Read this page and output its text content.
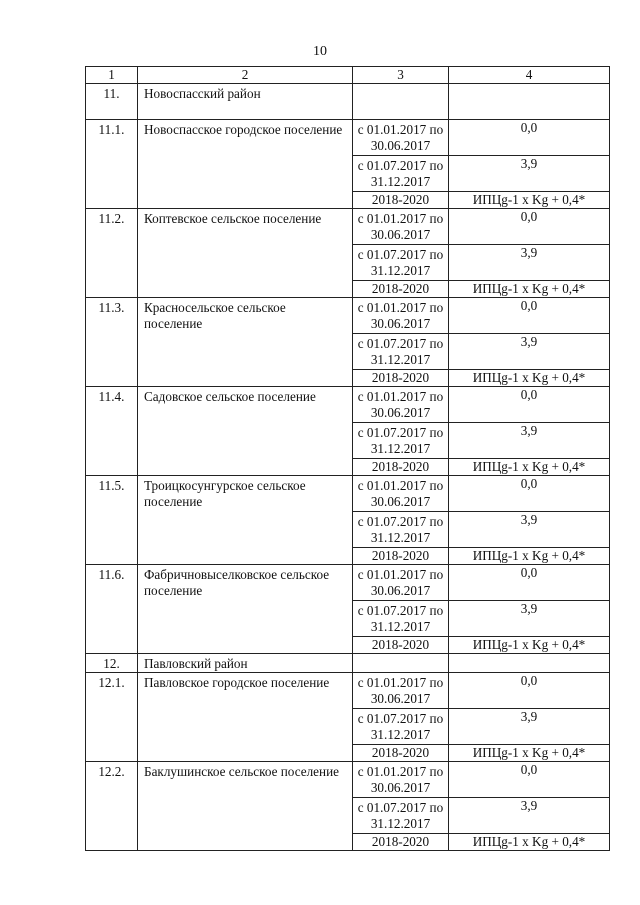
10
1	2	3	4
11.	Новоспасский район		
11.1.	Новоспасское городское поселение	с 01.01.2017 по 30.06.2017	0,0
		с 01.07.2017 по 31.12.2017	3,9
		2018-2020	ИПЦg-1 х Kg + 0,4*
11.2.	Коптевское сельское поселение	с 01.01.2017 по 30.06.2017	0,0
		с 01.07.2017 по 31.12.2017	3,9
		2018-2020	ИПЦg-1 х Kg + 0,4*
11.3.	Красносельское сельское поселение	с 01.01.2017 по 30.06.2017	0,0
		с 01.07.2017 по 31.12.2017	3,9
		2018-2020	ИПЦg-1 х Kg + 0,4*
11.4.	Садовское сельское поселение	с 01.01.2017 по 30.06.2017	0,0
		с 01.07.2017 по 31.12.2017	3,9
		2018-2020	ИПЦg-1 х Kg + 0,4*
11.5.	Троицкосунгурское сельское поселение	с 01.01.2017 по 30.06.2017	0,0
		с 01.07.2017 по 31.12.2017	3,9
		2018-2020	ИПЦg-1 х Kg + 0,4*
11.6.	Фабричновыселковское сельское поселение	с 01.01.2017 по 30.06.2017	0,0
		с 01.07.2017 по 31.12.2017	3,9
		2018-2020	ИПЦg-1 х Kg + 0,4*
12.	Павловский район		
12.1.	Павловское городское поселение	с 01.01.2017 по 30.06.2017	0,0
		с 01.07.2017 по 31.12.2017	3,9
		2018-2020	ИПЦg-1 х Kg + 0,4*
12.2.	Баклушинское сельское поселение	с 01.01.2017 по 30.06.2017	0,0
		с 01.07.2017 по 31.12.2017	3,9
		2018-2020	ИПЦg-1 х Kg + 0,4*
